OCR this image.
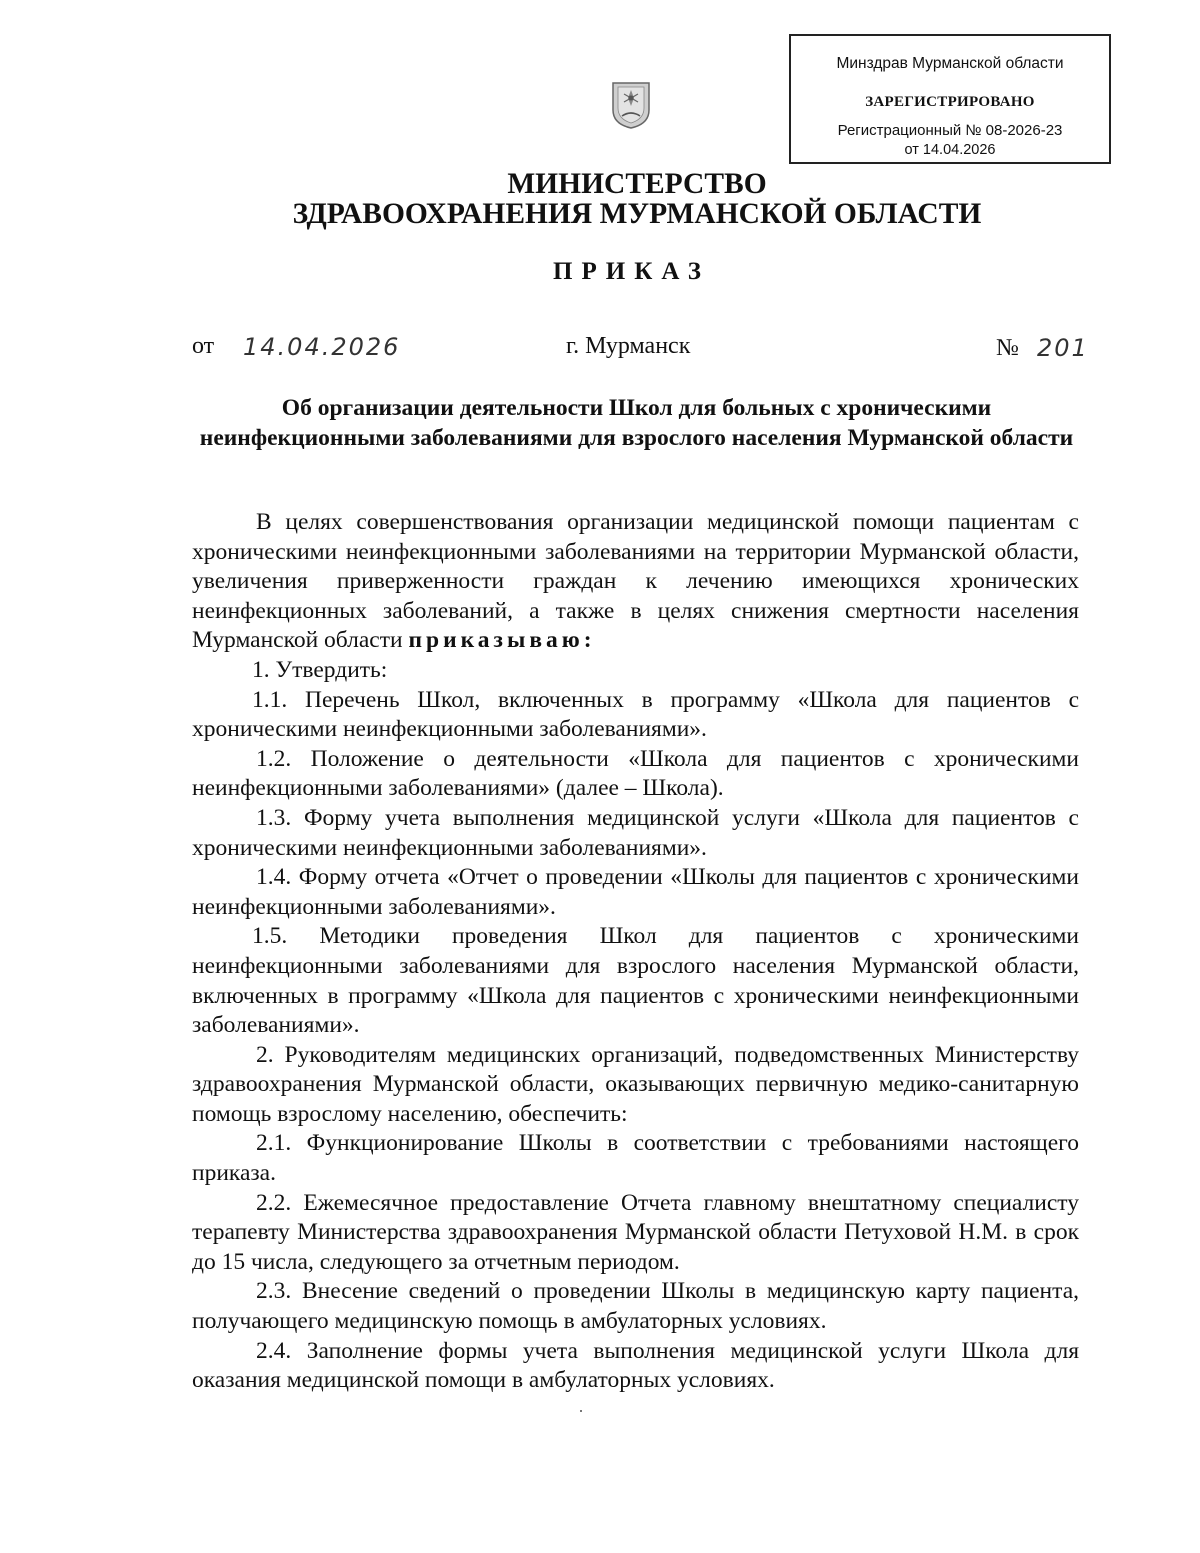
Минздрав Мурманской области
ЗАРЕГИСТРИРОВАНО
Регистрационный № 08-2026-23
от 14.04.2026
МИНИСТЕРСТВО
ЗДРАВООХРАНЕНИЯ МУРМАНСКОЙ ОБЛАСТИ
ПРИКАЗ
от 14.04.2026	г. Мурманск	№ 201
Об организации деятельности Школ для больных с хроническими неинфекционными заболеваниями для взрослого населения Мурманской области

В целях совершенствования организации медицинской помощи пациентам с хроническими неинфекционными заболеваниями на территории Мурманской области, увеличения приверженности граждан к лечению имеющихся хронических неинфекционных заболеваний, а также в целях снижения смертности населения Мурманской области приказываю:

1. Утвердить:

1.1. Перечень Школ, включенных в программу «Школа для пациентов с хроническими неинфекционными заболеваниями».

1.2. Положение о деятельности «Школа для пациентов с хроническими неинфекционными заболеваниями» (далее – Школа).

1.3. Форму учета выполнения медицинской услуги «Школа для пациентов с хроническими неинфекционными заболеваниями».

1.4. Форму отчета «Отчет о проведении «Школы для пациентов с хроническими неинфекционными заболеваниями».

1.5. Методики проведения Школ для пациентов с хроническими неинфекционными заболеваниями для взрослого населения Мурманской области, включенных в программу «Школа для пациентов с хроническими неинфекционными заболеваниями».

2. Руководителям медицинских организаций, подведомственных Министерству здравоохранения Мурманской области, оказывающих первичную медико-санитарную помощь взрослому населению, обеспечить:

2.1. Функционирование Школы в соответствии с требованиями настоящего приказа.

2.2. Ежемесячное предоставление Отчета главному внештатному специалисту терапевту Министерства здравоохранения Мурманской области Петуховой Н.М. в срок до 15 числа, следующего за отчетным периодом.

2.3. Внесение сведений о проведении Школы в медицинскую карту пациента, получающего медицинскую помощь в амбулаторных условиях.

2.4. Заполнение формы учета выполнения медицинской услуги Школа для оказания медицинской помощи в амбулаторных условиях.
